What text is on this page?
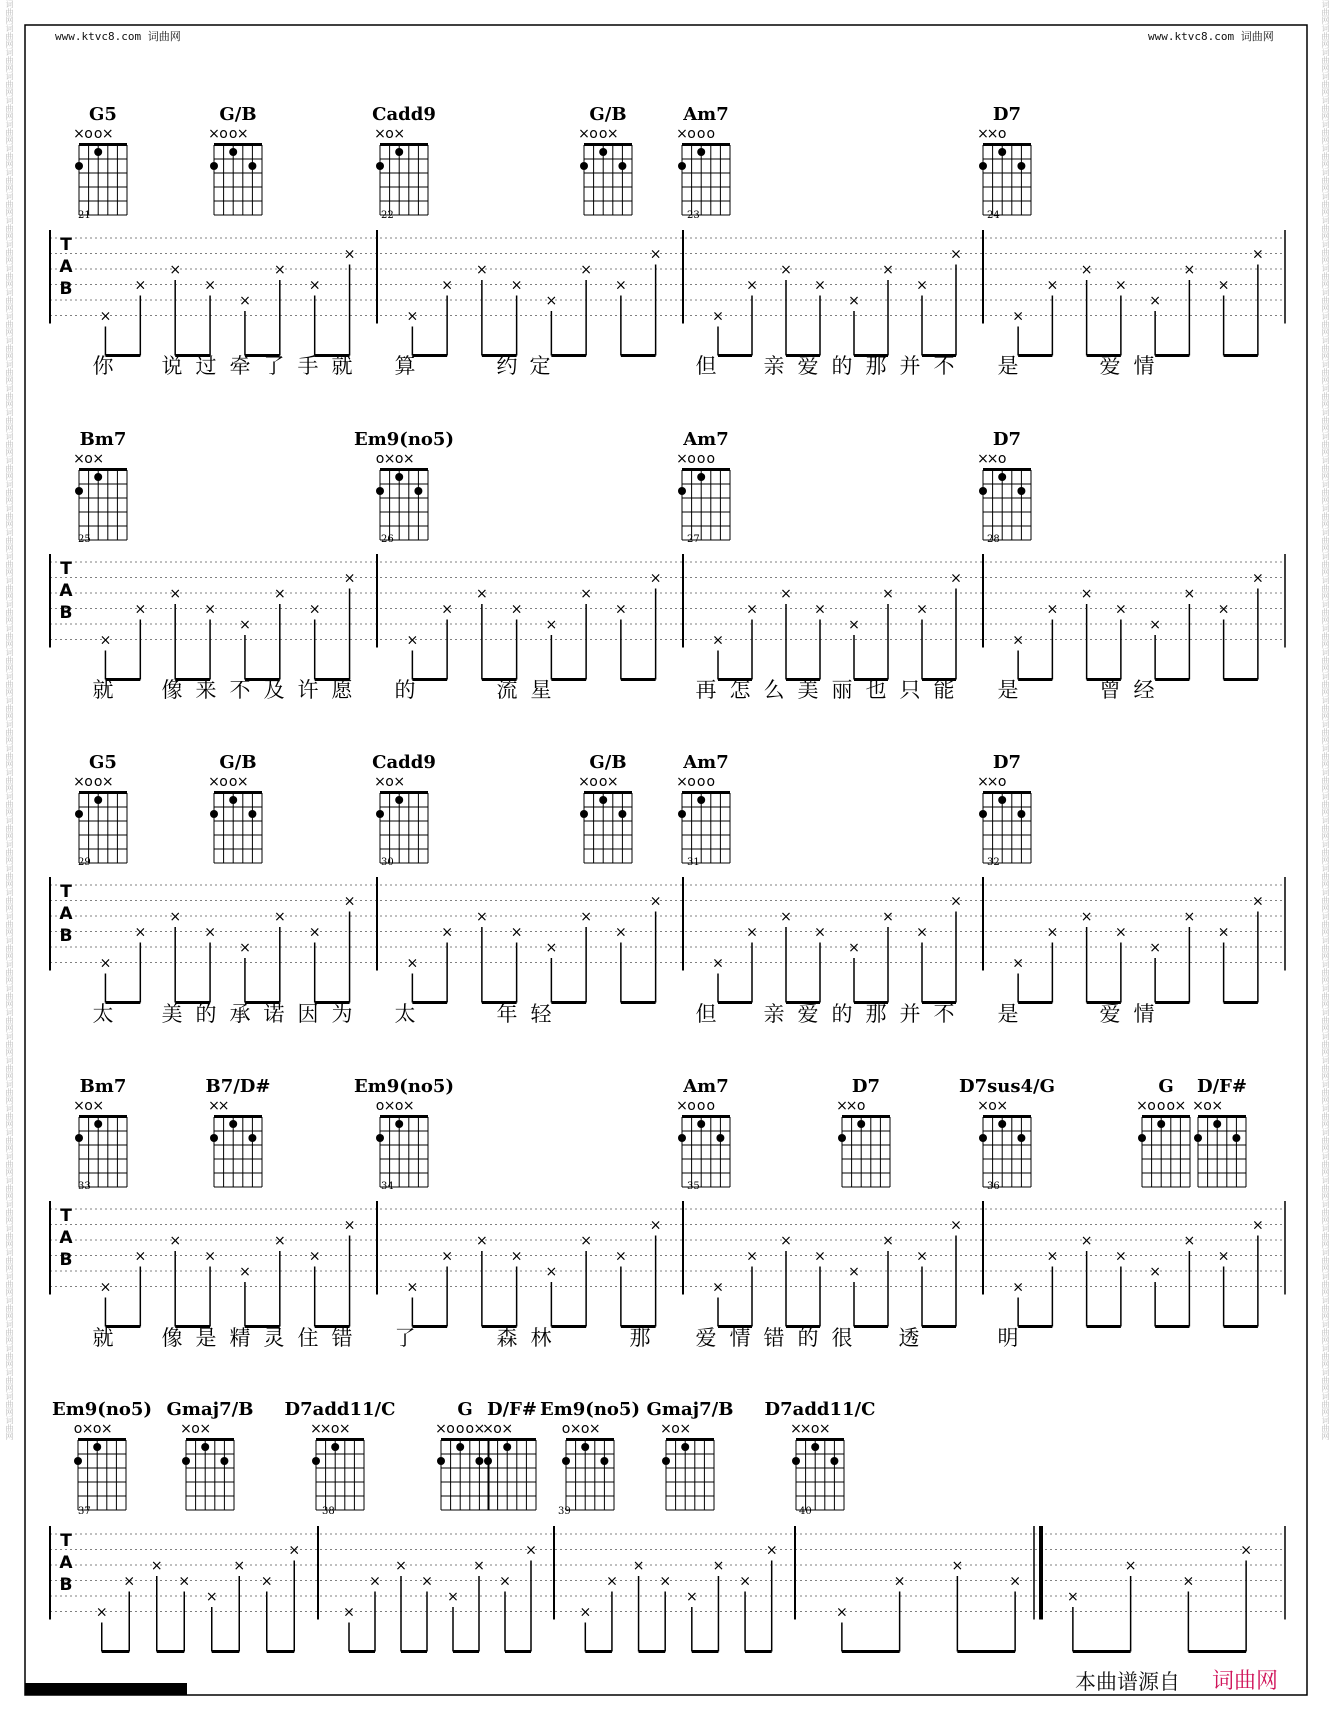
www.ktvc8.com 词曲网	www.ktvc8.com 词曲网
词曲网词曲网词曲网词曲网词曲网词曲网词曲网词曲网词曲网词曲网词曲网词曲网词曲网词曲网词曲网词曲网词曲网词曲网词曲网词曲网词曲网词曲网词曲网词曲网词曲网词曲网词曲网词曲网词曲网词曲网词曲网词曲网词曲网词曲网词曲网词曲网词曲网词曲网词曲网词曲网词曲网词曲网词曲网词曲网词曲网词曲网词曲网词曲网词曲网词曲网词曲网词曲网词曲网词曲网词曲网词曲网词曲网词曲网词曲网词曲网	词曲网词曲网词曲网词曲网词曲网词曲网词曲网词曲网词曲网词曲网词曲网词曲网词曲网词曲网词曲网词曲网词曲网词曲网词曲网词曲网词曲网词曲网词曲网词曲网词曲网词曲网词曲网词曲网词曲网词曲网词曲网词曲网词曲网词曲网词曲网词曲网词曲网词曲网词曲网词曲网词曲网词曲网词曲网词曲网词曲网词曲网词曲网词曲网词曲网词曲网词曲网词曲网词曲网词曲网词曲网词曲网词曲网词曲网词曲网词曲网
G5
× o o ×
G/B
× o o ×
Cadd9
× o ×
G/B
× o o ×
Am7
× o o o
D7
×
× o
T
A
B
21	22	23	24
×
×
×
×
×
×
×
×
×
×
×
×
×
×
×
×
×
×
×
×
×
×
×
×
×
×
×
×
×
×
×
×
你 说 过 牵 了 手 就 算	约 定	但 亲 爱 的 那 并 不 是	爱 情
Bm7
× o ×
Em9(no5)
o × o ×
Am7
× o o o
D7
×
× o
T
A
B
25	26	27	28
×
×
×
×
×
×
×
×
×
×
×
×
×
×
×
×
×
×
×
×
×
×
×
×
×
×
×
×
×
×
×
×
就 像 来 不 及 许 愿 的	流 星	再 怎 么 美 丽 也 只 能 是	曾 经
G5
× o o ×
G/B
× o o ×
Cadd9
× o ×
G/B
× o o ×
Am7
× o o o
D7
×
× o
T
A
B
29	30	31	32
×
×
×
×
×
×
×
×
×
×
×
×
×
×
×
×
×
×
×
×
×
×
×
×
×
×
×
×
×
×
×
×
太 美 的 承 诺 因 为 太	年 轻	但 亲 爱 的 那 并 不 是	爱 情
Bm7
× o ×
B7/D#
×
×
Em9(no5)
o × o ×
Am7
× o o o
D7
×
× o
D7sus4/G
× o ×
G
× o o o ×
D/F#
× o ×
T
A
B
33	34	35	36
×
×
×
×
×
×
×
×
×
×
×
×
×
×
×
×
×
×
×
×
×
×
×
×
×
×
×
×
×
×
×
×
就 像 是 精 灵 住 错 了	森 林	那 爱 情 错 的 很 透	明
Em9(no5)
o × o ×
Gmaj7/B
× o ×
D7add11/C
×
× o ×
G
× o o o ×
D/F#
× o ×
Em9(no5)
o × o ×
Gmaj7/B
× o ×
D7add11/C
×
× o ×
T
A
B
37	38	39	40
×
×
×
×
×
×
×
×
×
×
×
×
×
×
×
×
×
×
×
×
×
×
×
×
×
×
×
×
×
×
×
×
本曲谱源自 词曲网
